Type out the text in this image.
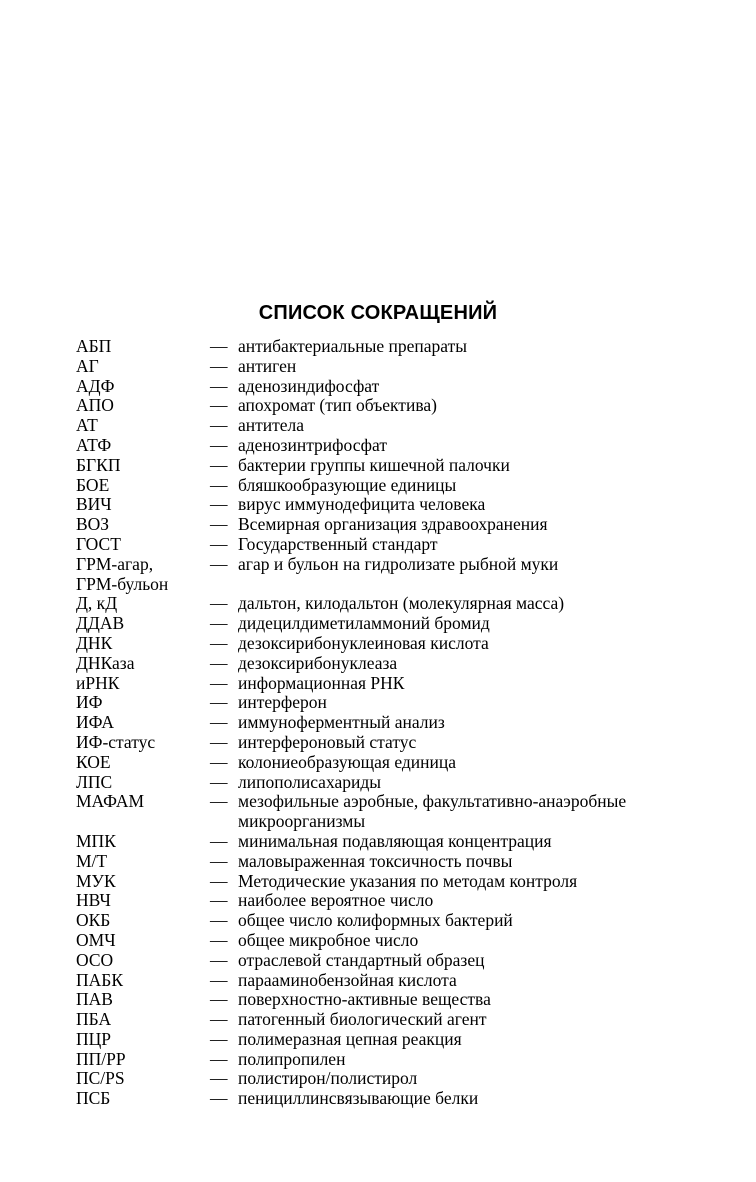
СПИСОК СОКРАЩЕНИЙ
АБП	— антибактериальные препараты
АГ	— антиген
АДФ	— аденозиндифосфат
АПО	— апохромат (тип объектива)
АТ	— антитела
АТФ	— аденозинтрифосфат
БГКП	— бактерии группы кишечной палочки
БОЕ	— бляшкообразующие единицы
ВИЧ	— вирус иммунодефицита человека
ВОЗ	— Всемирная организация здравоохранения
ГОСТ	— Государственный стандарт
ГРМ-агар,	— агар и бульон на гидролизате рыбной муки
ГРМ-бульон
Д, кД	— дальтон, килодальтон (молекулярная масса)
ДДАВ	— дидецилдиметиламмоний бромид
ДНК	— дезоксирибонуклеиновая кислота
ДНКаза	— дезоксирибонуклеаза
иРНК	— информационная РНК
ИФ	— интерферон
ИФА	— иммуноферментный анализ
ИФ-статус	— интерфероновый статус
КОЕ	— колониеобразующая единица
ЛПС	— липополисахариды
МАФАМ	— мезофильные аэробные, факультативно-анаэробные микроорганизмы
МПК	— минимальная подавляющая концентрация
М/Т	— маловыраженная токсичность почвы
МУК	— Методические указания по методам контроля
НВЧ	— наиболее вероятное число
ОКБ	— общее число колиформных бактерий
ОМЧ	— общее микробное число
ОСО	— отраслевой стандартный образец
ПАБК	— парааминобензойная кислота
ПАВ	— поверхностно-активные вещества
ПБА	— патогенный биологический агент
ПЦР	— полимеразная цепная реакция
ПП/PP	— полипропилен
ПС/PS	— полистирон/полистирол
ПСБ	— пенициллинсвязывающие белки
